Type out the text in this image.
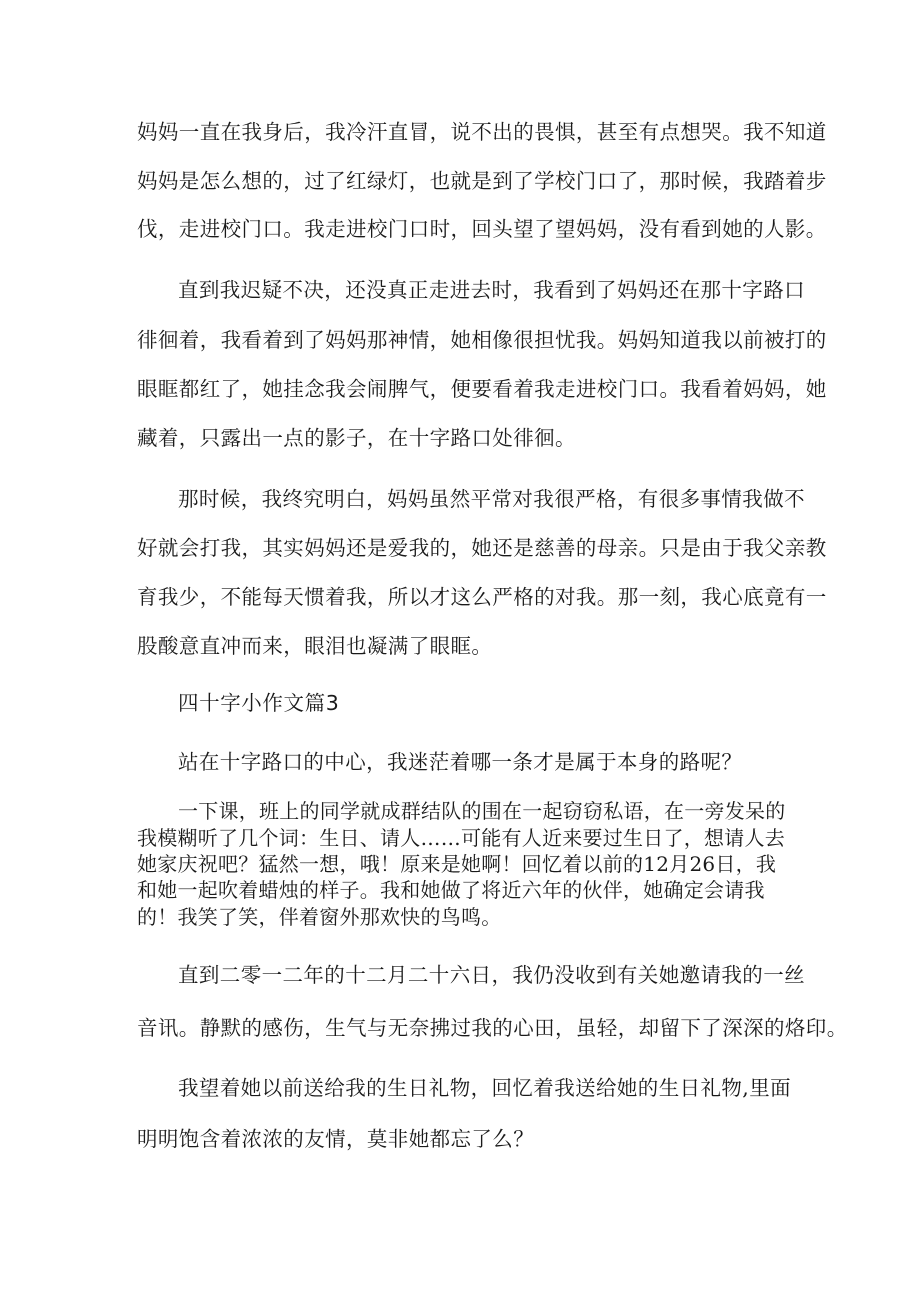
妈妈一直在我身后，我冷汗直冒，说不出的畏惧，甚至有点想哭。我不知道
妈妈是怎么想的，过了红绿灯，也就是到了学校门口了，那时候，我踏着步
伐，走进校门口。我走进校门口时，回头望了望妈妈，没有看到她的人影。
直到我迟疑不决，还没真正走进去时，我看到了妈妈还在那十字路口
徘徊着，我看着到了妈妈那神情，她相像很担忧我。妈妈知道我以前被打的
眼眶都红了，她挂念我会闹脾气，便要看着我走进校门口。我看着妈妈，她
藏着，只露出一点的影子，在十字路口处徘徊。
那时候，我终究明白，妈妈虽然平常对我很严格，有很多事情我做不
好就会打我，其实妈妈还是爱我的，她还是慈善的母亲。只是由于我父亲教
育我少，不能每天惯着我，所以才这么严格的对我。那一刻，我心底竟有一
股酸意直冲而来，眼泪也凝满了眼眶。
四十字小作文篇3
站在十字路口的中心，我迷茫着哪一条才是属于本身的路呢？
一下课，班上的同学就成群结队的围在一起窃窃私语，在一旁发呆的
我模糊听了几个词：生日、请人……可能有人近来要过生日了，想请人去
她家庆祝吧？猛然一想，哦！原来是她啊！回忆着以前的12月26日，我
和她一起吹着蜡烛的样子。我和她做了将近六年的伙伴，她确定会请我
的！我笑了笑，伴着窗外那欢快的鸟鸣。
直到二零一二年的十二月二十六日，我仍没收到有关她邀请我的一丝
音讯。静默的感伤，生气与无奈拂过我的心田，虽轻，却留下了深深的烙印。
我望着她以前送给我的生日礼物，回忆着我送给她的生日礼物,里面
明明饱含着浓浓的友情，莫非她都忘了么？
